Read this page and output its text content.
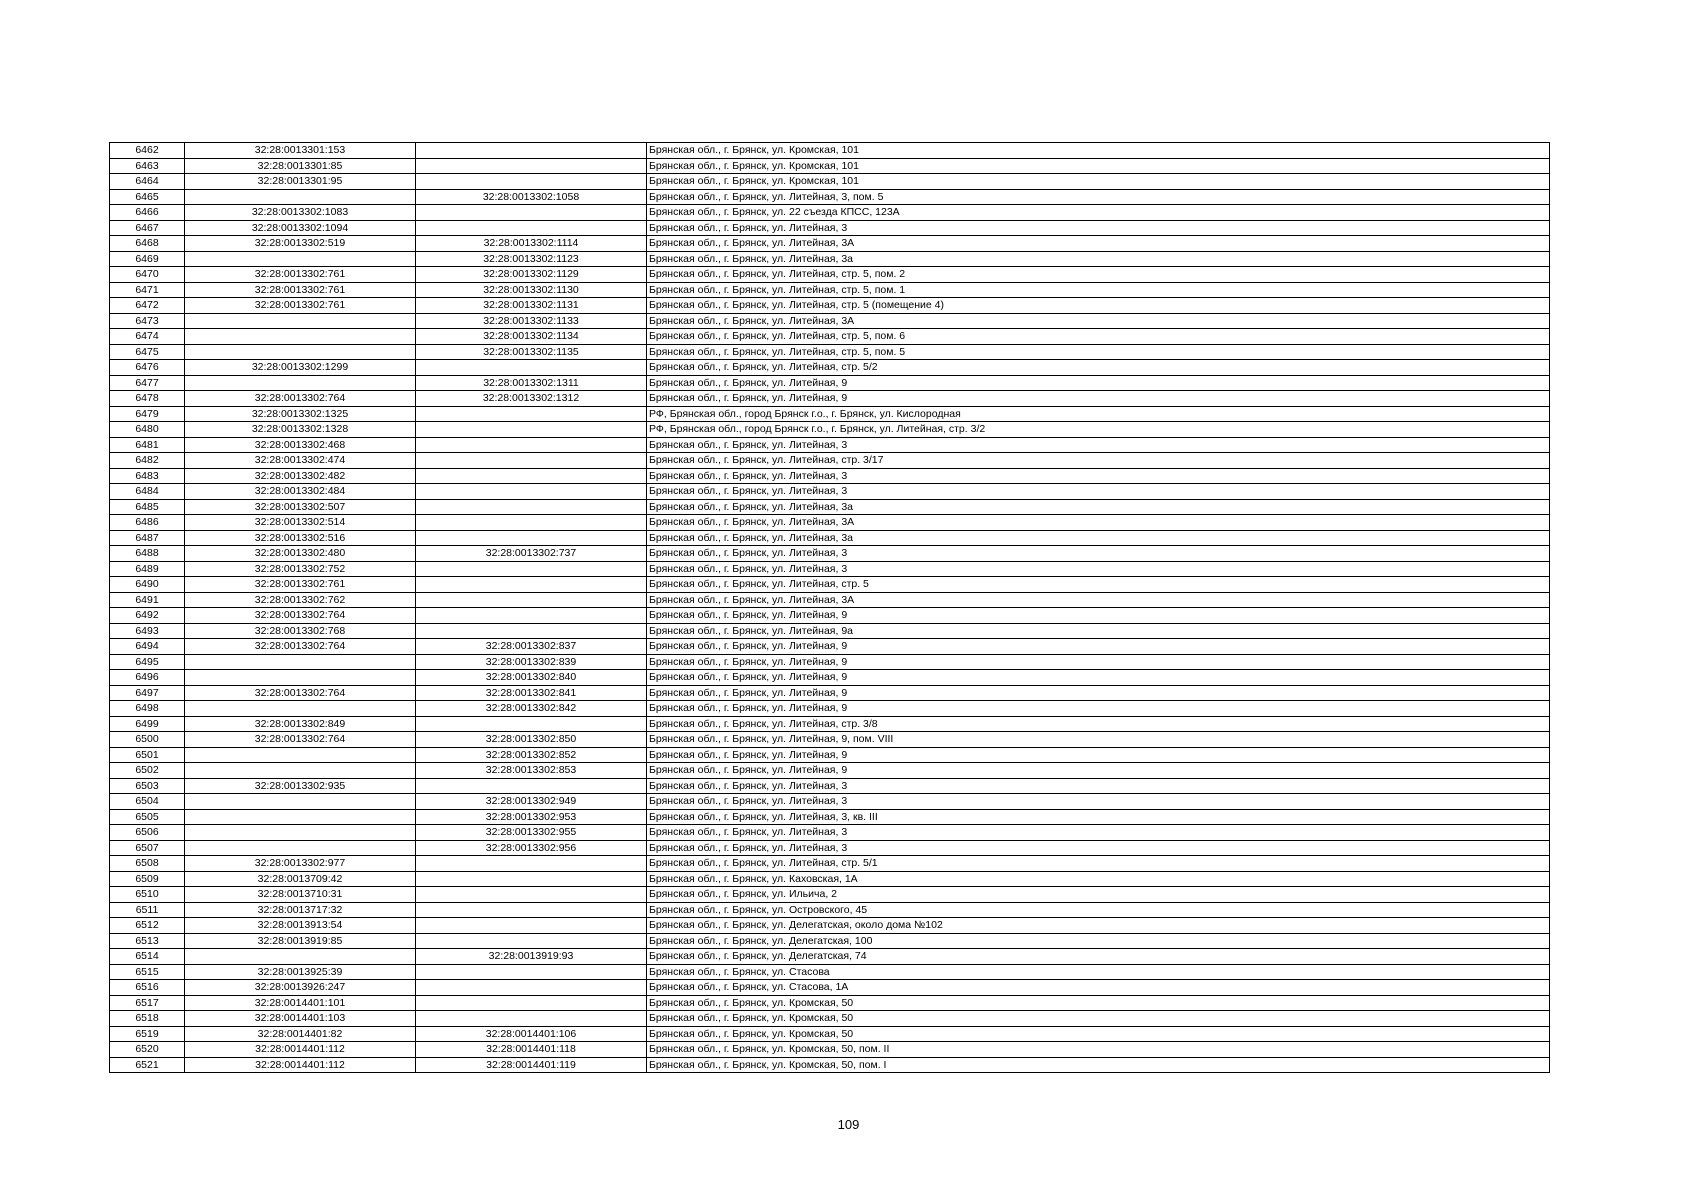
6462	32:28:0013301:153		Брянская обл., г. Брянск, ул. Кромская, 101
6463	32:28:0013301:85		Брянская обл., г. Брянск, ул. Кромская, 101
6464	32:28:0013301:95		Брянская обл., г. Брянск, ул. Кромская, 101
6465		32:28:0013302:1058	Брянская обл., г. Брянск, ул. Литейная, 3, пом. 5
6466	32:28:0013302:1083		Брянская обл., г. Брянск, ул. 22 съезда КПСС, 123А
6467	32:28:0013302:1094		Брянская обл., г. Брянск, ул. Литейная, 3
6468	32:28:0013302:519	32:28:0013302:1114	Брянская обл., г. Брянск, ул. Литейная, 3А
6469		32:28:0013302:1123	Брянская обл., г. Брянск, ул. Литейная, 3а
6470	32:28:0013302:761	32:28:0013302:1129	Брянская обл., г. Брянск, ул. Литейная, стр. 5, пом. 2
6471	32:28:0013302:761	32:28:0013302:1130	Брянская обл., г. Брянск, ул. Литейная, стр. 5, пом. 1
6472	32:28:0013302:761	32:28:0013302:1131	Брянская обл., г. Брянск, ул. Литейная, стр. 5 (помещение 4)
6473		32:28:0013302:1133	Брянская обл., г. Брянск, ул. Литейная, 3А
6474		32:28:0013302:1134	Брянская обл., г. Брянск, ул. Литейная, стр. 5, пом. 6
6475		32:28:0013302:1135	Брянская обл., г. Брянск, ул. Литейная, стр. 5, пом. 5
6476	32:28:0013302:1299		Брянская обл., г. Брянск, ул. Литейная, стр. 5/2
6477		32:28:0013302:1311	Брянская обл., г. Брянск, ул. Литейная, 9
6478	32:28:0013302:764	32:28:0013302:1312	Брянская обл., г. Брянск, ул. Литейная, 9
6479	32:28:0013302:1325		РФ, Брянская обл., город Брянск г.о., г. Брянск, ул. Кислородная
6480	32:28:0013302:1328		РФ, Брянская обл., город Брянск г.о., г. Брянск, ул. Литейная, стр. 3/2
6481	32:28:0013302:468		Брянская обл., г. Брянск, ул. Литейная, 3
6482	32:28:0013302:474		Брянская обл., г. Брянск, ул. Литейная, стр. 3/17
6483	32:28:0013302:482		Брянская обл., г. Брянск, ул. Литейная, 3
6484	32:28:0013302:484		Брянская обл., г. Брянск, ул. Литейная, 3
6485	32:28:0013302:507		Брянская обл., г. Брянск, ул. Литейная, 3а
6486	32:28:0013302:514		Брянская обл., г. Брянск, ул. Литейная, 3А
6487	32:28:0013302:516		Брянская обл., г. Брянск, ул. Литейная, 3а
6488	32:28:0013302:480	32:28:0013302:737	Брянская обл., г. Брянск, ул. Литейная, 3
6489	32:28:0013302:752		Брянская обл., г. Брянск, ул. Литейная, 3
6490	32:28:0013302:761		Брянская обл., г. Брянск, ул. Литейная, стр. 5
6491	32:28:0013302:762		Брянская обл., г. Брянск, ул. Литейная, 3А
6492	32:28:0013302:764		Брянская обл., г. Брянск, ул. Литейная, 9
6493	32:28:0013302:768		Брянская обл., г. Брянск, ул. Литейная, 9а
6494	32:28:0013302:764	32:28:0013302:837	Брянская обл., г. Брянск, ул. Литейная, 9
6495		32:28:0013302:839	Брянская обл., г. Брянск, ул. Литейная, 9
6496		32:28:0013302:840	Брянская обл., г. Брянск, ул. Литейная, 9
6497	32:28:0013302:764	32:28:0013302:841	Брянская обл., г. Брянск, ул. Литейная, 9
6498		32:28:0013302:842	Брянская обл., г. Брянск, ул. Литейная, 9
6499	32:28:0013302:849		Брянская обл., г. Брянск, ул. Литейная, стр. 3/8
6500	32:28:0013302:764	32:28:0013302:850	Брянская обл., г. Брянск, ул. Литейная, 9, пом. VIII
6501		32:28:0013302:852	Брянская обл., г. Брянск, ул. Литейная, 9
6502		32:28:0013302:853	Брянская обл., г. Брянск, ул. Литейная, 9
6503	32:28:0013302:935		Брянская обл., г. Брянск, ул. Литейная, 3
6504		32:28:0013302:949	Брянская обл., г. Брянск, ул. Литейная, 3
6505		32:28:0013302:953	Брянская обл., г. Брянск, ул. Литейная, 3, кв. III
6506		32:28:0013302:955	Брянская обл., г. Брянск, ул. Литейная, 3
6507		32:28:0013302:956	Брянская обл., г. Брянск, ул. Литейная, 3
6508	32:28:0013302:977		Брянская обл., г. Брянск, ул. Литейная, стр. 5/1
6509	32:28:0013709:42		Брянская обл., г. Брянск, ул. Каховская, 1А
6510	32:28:0013710:31		Брянская обл., г. Брянск, ул. Ильича, 2
6511	32:28:0013717:32		Брянская обл., г. Брянск, ул. Островского, 45
6512	32:28:0013913:54		Брянская обл., г. Брянск, ул. Делегатская, около дома №102
6513	32:28:0013919:85		Брянская обл., г. Брянск, ул. Делегатская, 100
6514		32:28:0013919:93	Брянская обл., г. Брянск, ул. Делегатская, 74
6515	32:28:0013925:39		Брянская обл., г. Брянск, ул. Стасова
6516	32:28:0013926:247		Брянская обл., г. Брянск, ул. Стасова, 1А
6517	32:28:0014401:101		Брянская обл., г. Брянск, ул. Кромская, 50
6518	32:28:0014401:103		Брянская обл., г. Брянск, ул. Кромская, 50
6519	32:28:0014401:82	32:28:0014401:106	Брянская обл., г. Брянск, ул. Кромская, 50
6520	32:28:0014401:112	32:28:0014401:118	Брянская обл., г. Брянск, ул. Кромская, 50, пом. II
6521	32:28:0014401:112	32:28:0014401:119	Брянская обл., г. Брянск, ул. Кромская, 50, пом. I
109
